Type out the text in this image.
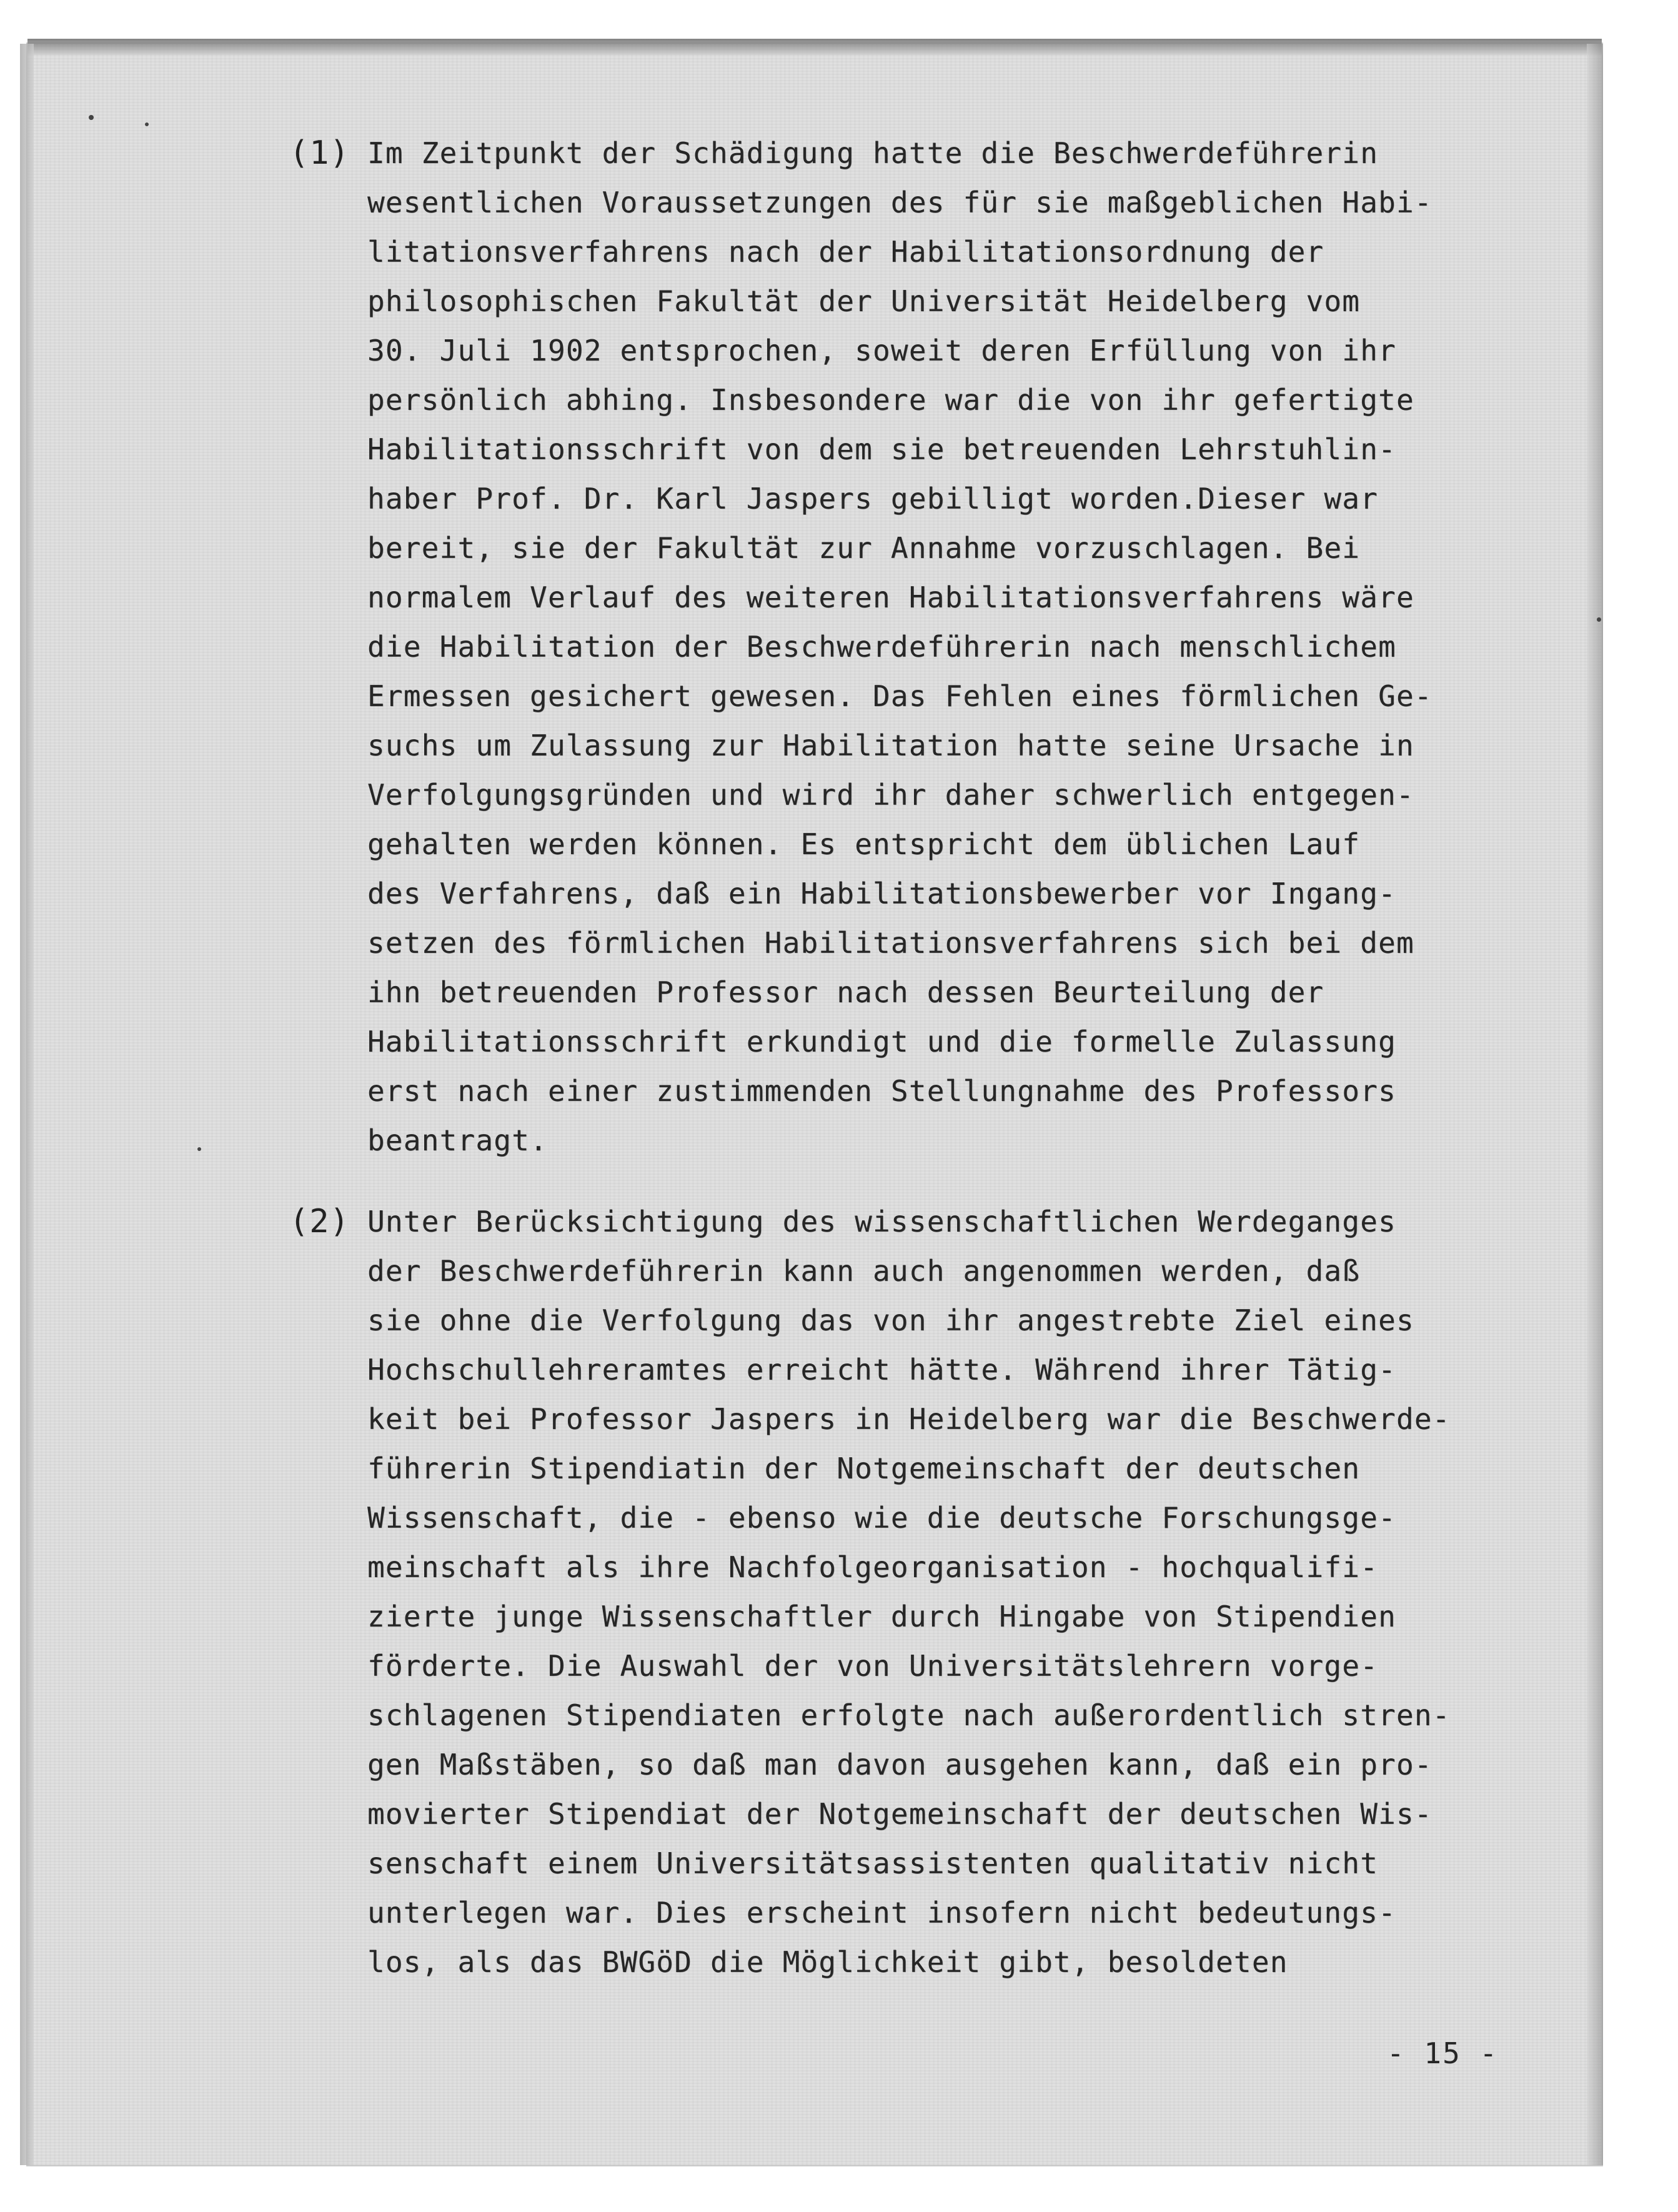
(1) Im Zeitpunkt der Schädigung hatte die Beschwerdeführerin
wesentlichen Voraussetzungen des für sie maßgeblichen Habi-
litationsverfahrens nach der Habilitationsordnung der
philosophischen Fakultät der Universität Heidelberg vom
30. Juli 1902 entsprochen, soweit deren Erfüllung von ihr
persönlich abhing. Insbesondere war die von ihr gefertigte
Habilitationsschrift von dem sie betreuenden Lehrstuhlin-
haber Prof. Dr. Karl Jaspers gebilligt worden.Dieser war
bereit, sie der Fakultät zur Annahme vorzuschlagen. Bei
normalem Verlauf des weiteren Habilitationsverfahrens wäre
die Habilitation der Beschwerdeführerin nach menschlichem
Ermessen gesichert gewesen. Das Fehlen eines förmlichen Ge-
suchs um Zulassung zur Habilitation hatte seine Ursache in
Verfolgungsgründen und wird ihr daher schwerlich entgegen-
gehalten werden können. Es entspricht dem üblichen Lauf
des Verfahrens, daß ein Habilitationsbewerber vor Ingang-
setzen des förmlichen Habilitationsverfahrens sich bei dem
ihn betreuenden Professor nach dessen Beurteilung der
Habilitationsschrift erkundigt und die formelle Zulassung
erst nach einer zustimmenden Stellungnahme des Professors
beantragt.
(2) Unter Berücksichtigung des wissenschaftlichen Werdeganges
der Beschwerdeführerin kann auch angenommen werden, daß
sie ohne die Verfolgung das von ihr angestrebte Ziel eines
Hochschullehreramtes erreicht hätte. Während ihrer Tätig-
keit bei Professor Jaspers in Heidelberg war die Beschwerde-
führerin Stipendiatin der Notgemeinschaft der deutschen
Wissenschaft, die - ebenso wie die deutsche Forschungsge-
meinschaft als ihre Nachfolgeorganisation - hochqualifi-
zierte junge Wissenschaftler durch Hingabe von Stipendien
förderte. Die Auswahl der von Universitätslehrern vorge-
schlagenen Stipendiaten erfolgte nach außerordentlich stren-
gen Maßstäben, so daß man davon ausgehen kann, daß ein pro-
movierter Stipendiat der Notgemeinschaft der deutschen Wis-
senschaft einem Universitätsassistenten qualitativ nicht
unterlegen war. Dies erscheint insofern nicht bedeutungs-
los, als das BWGöD die Möglichkeit gibt, besoldeten
- 15 -
